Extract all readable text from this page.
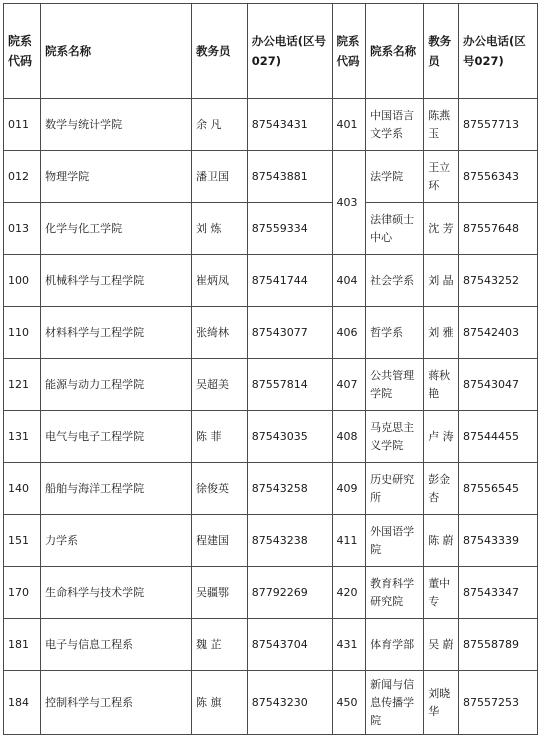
院系代码	院系名称	教务员	办公电话(区号027)	院系代码	院系名称	教务员	办公电话(区号027)
011	数学与统计学院	余 凡	87543431	401	中国语言文学系	陈燕玉	87557713
012	物理学院	潘卫国	87543881	403	法学院	王立环	87556343
013	化学与化工学院	刘 炼	87559334		法律硕士中心	沈 芳	87557648
100	机械科学与工程学院	崔炳凤	87541744	404	社会学系	刘 晶	87543252
110	材料科学与工程学院	张绮林	87543077	406	哲学系	刘 雅	87542403
121	能源与动力工程学院	吴超美	87557814	407	公共管理学院	蒋秋艳	87543047
131	电气与电子工程学院	陈 菲	87543035	408	马克思主义学院	卢 涛	87544455
140	船舶与海洋工程学院	徐俊英	87543258	409	历史研究所	彭金杏	87556545
151	力学系	程建国	87543238	411	外国语学院	陈 蔚	87543339
170	生命科学与技术学院	吴疆鄂	87792269	420	教育科学研究院	董中专	87543347
181	电子与信息工程系	魏 芷	87543704	431	体育学部	吴 蔚	87558789
184	控制科学与工程系	陈 旗	87543230	450	新闻与信息传播学院	刘晓华	87557253
